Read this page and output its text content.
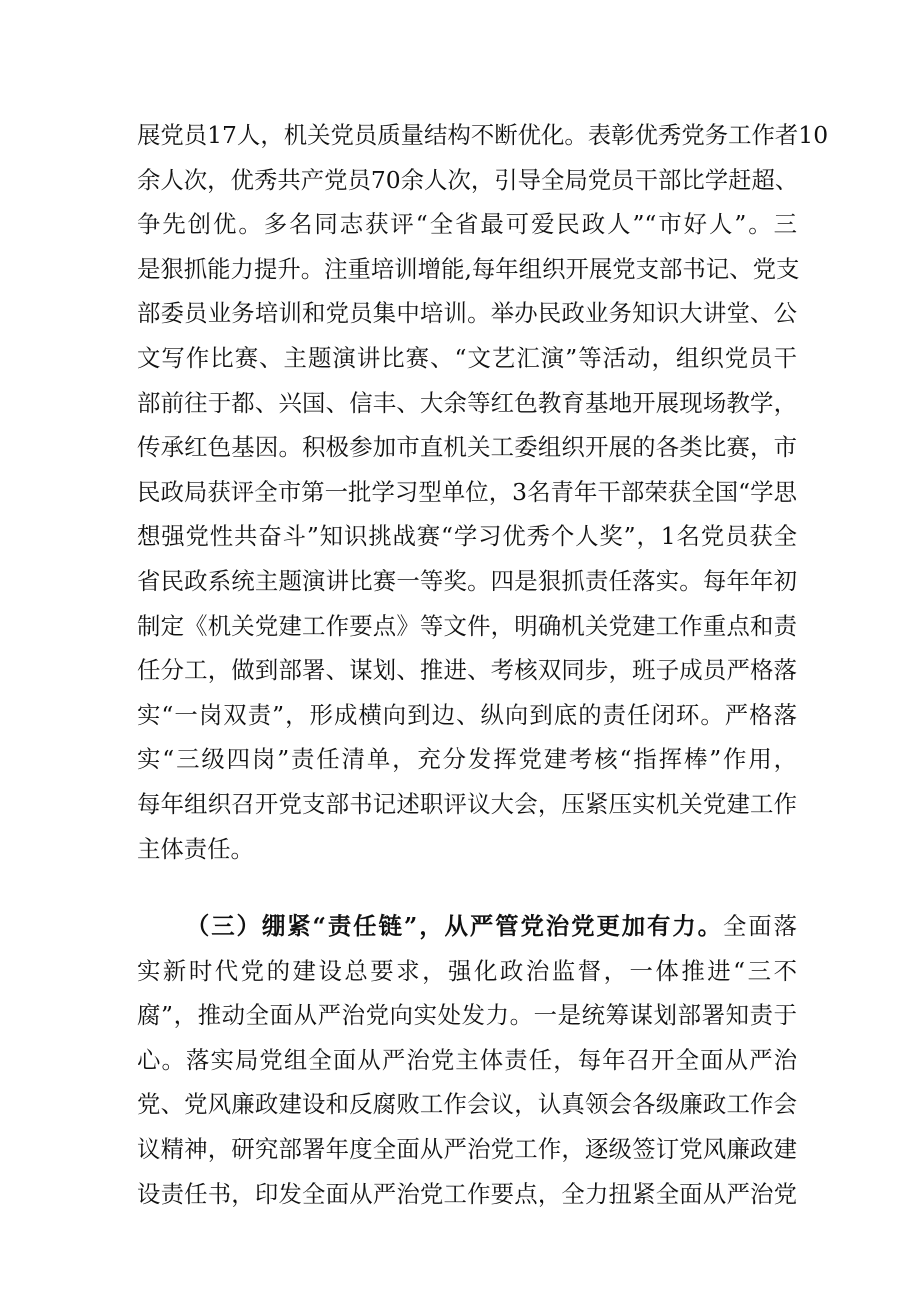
展党员17人，机关党员质量结构不断优化。表彰优秀党务工作者10
余人次，优秀共产党员70余人次，引导全局党员干部比学赶超、
争先创优。多名同志获评“全省最可爱民政人”“市好人”。三
是狠抓能力提升。注重培训增能,每年组织开展党支部书记、党支
部委员业务培训和党员集中培训。举办民政业务知识大讲堂、公
文写作比赛、主题演讲比赛、“文艺汇演”等活动，组织党员干
部前往于都、兴国、信丰、大余等红色教育基地开展现场教学，
传承红色基因。积极参加市直机关工委组织开展的各类比赛，市
民政局获评全市第一批学习型单位，3名青年干部荣获全国“学思
想强党性共奋斗”知识挑战赛“学习优秀个人奖”，1名党员获全
省民政系统主题演讲比赛一等奖。四是狠抓责任落实。每年年初
制定《机关党建工作要点》等文件，明确机关党建工作重点和责
任分工，做到部署、谋划、推进、考核双同步，班子成员严格落
实“一岗双责”，形成横向到边、纵向到底的责任闭环。严格落
实“三级四岗”责任清单，充分发挥党建考核“指挥棒”作用，
每年组织召开党支部书记述职评议大会，压紧压实机关党建工作
主体责任。
（三）绷紧“责任链”，从严管党治党更加有力。全面落
实新时代党的建设总要求，强化政治监督，一体推进“三不
腐”，推动全面从严治党向实处发力。一是统筹谋划部署知责于
心。落实局党组全面从严治党主体责任，每年召开全面从严治
党、党风廉政建设和反腐败工作会议，认真领会各级廉政工作会
议精神，研究部署年度全面从严治党工作，逐级签订党风廉政建
设责任书，印发全面从严治党工作要点，全力扭紧全面从严治党
